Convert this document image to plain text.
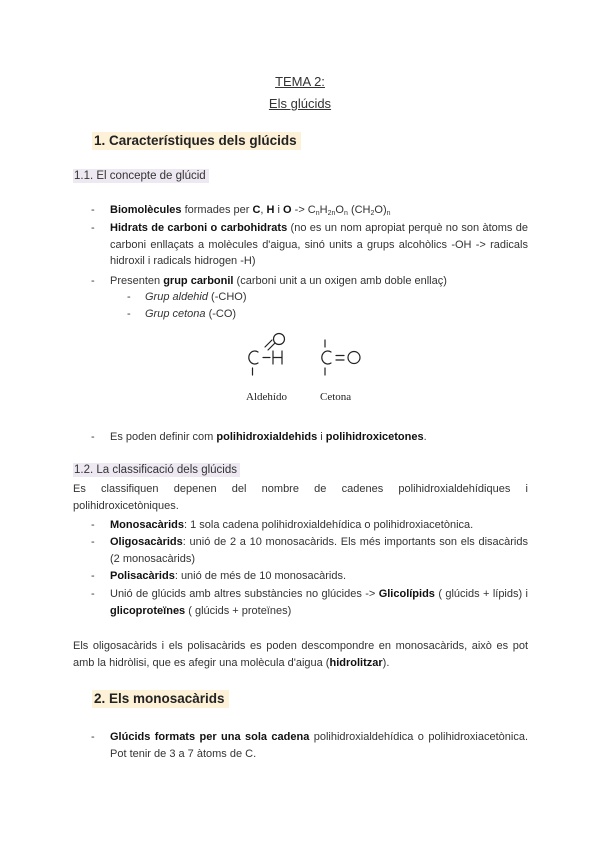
TEMA 2:
Els glúcids
1. Característiques dels glúcids
1.1. El concepte de glúcid
- Biomolècules formades per C, H i $O -> C_nH_{2n}O_n$ $(CH_2O)_n$
- Hidrats de carboni o carbohidrats (no es un nom apropiat perquè no son àtoms de carboni enllaçats a molècules d'aigua, sinó units a grups alcohòlics -OH -> radicals hidroxil i radicals hidrogen -H)
- Presenten grup carbonil (carboni unit a un oxigen amb doble enllaç)
- Grup aldehid (-CHO)
- Grup cetona (-CO)
Aldehído	Cetona
- Es poden definir com polihidroxialdehids i polihidroxicetones.
1.2. La classificació dels glúcids
Es classifiquen depenen del nombre de cadenes polihidroxialdehídiques i polihidroxicetòniques.
- Monosacàrids: 1 sola cadena polihidroxialdehídica o polihidroxiacetònica.
- Oligosacàrids: unió de 2 a 10 monosacàrids. Els més importants son els disacàrids (2 monosacàrids)
- Polisacàrids: unió de més de 10 monosacàrids.
- Unió de glúcids amb altres substàncies no glúcides -> Glicolípids ( glúcids + lípids) i glicoproteïnes ( glúcids + proteïnes)
Els oligosacàrids i els polisacàrids es poden descompondre en monosacàrids, això es pot amb la hidròlisi, que es afegir una molècula d'aigua (hidrolitzar).
2. Els monosacàrids
- Glúcids formats per una sola cadena polihidroxialdehídica o polihidroxiacetònica. Pot tenir de 3 a 7 àtoms de C.
